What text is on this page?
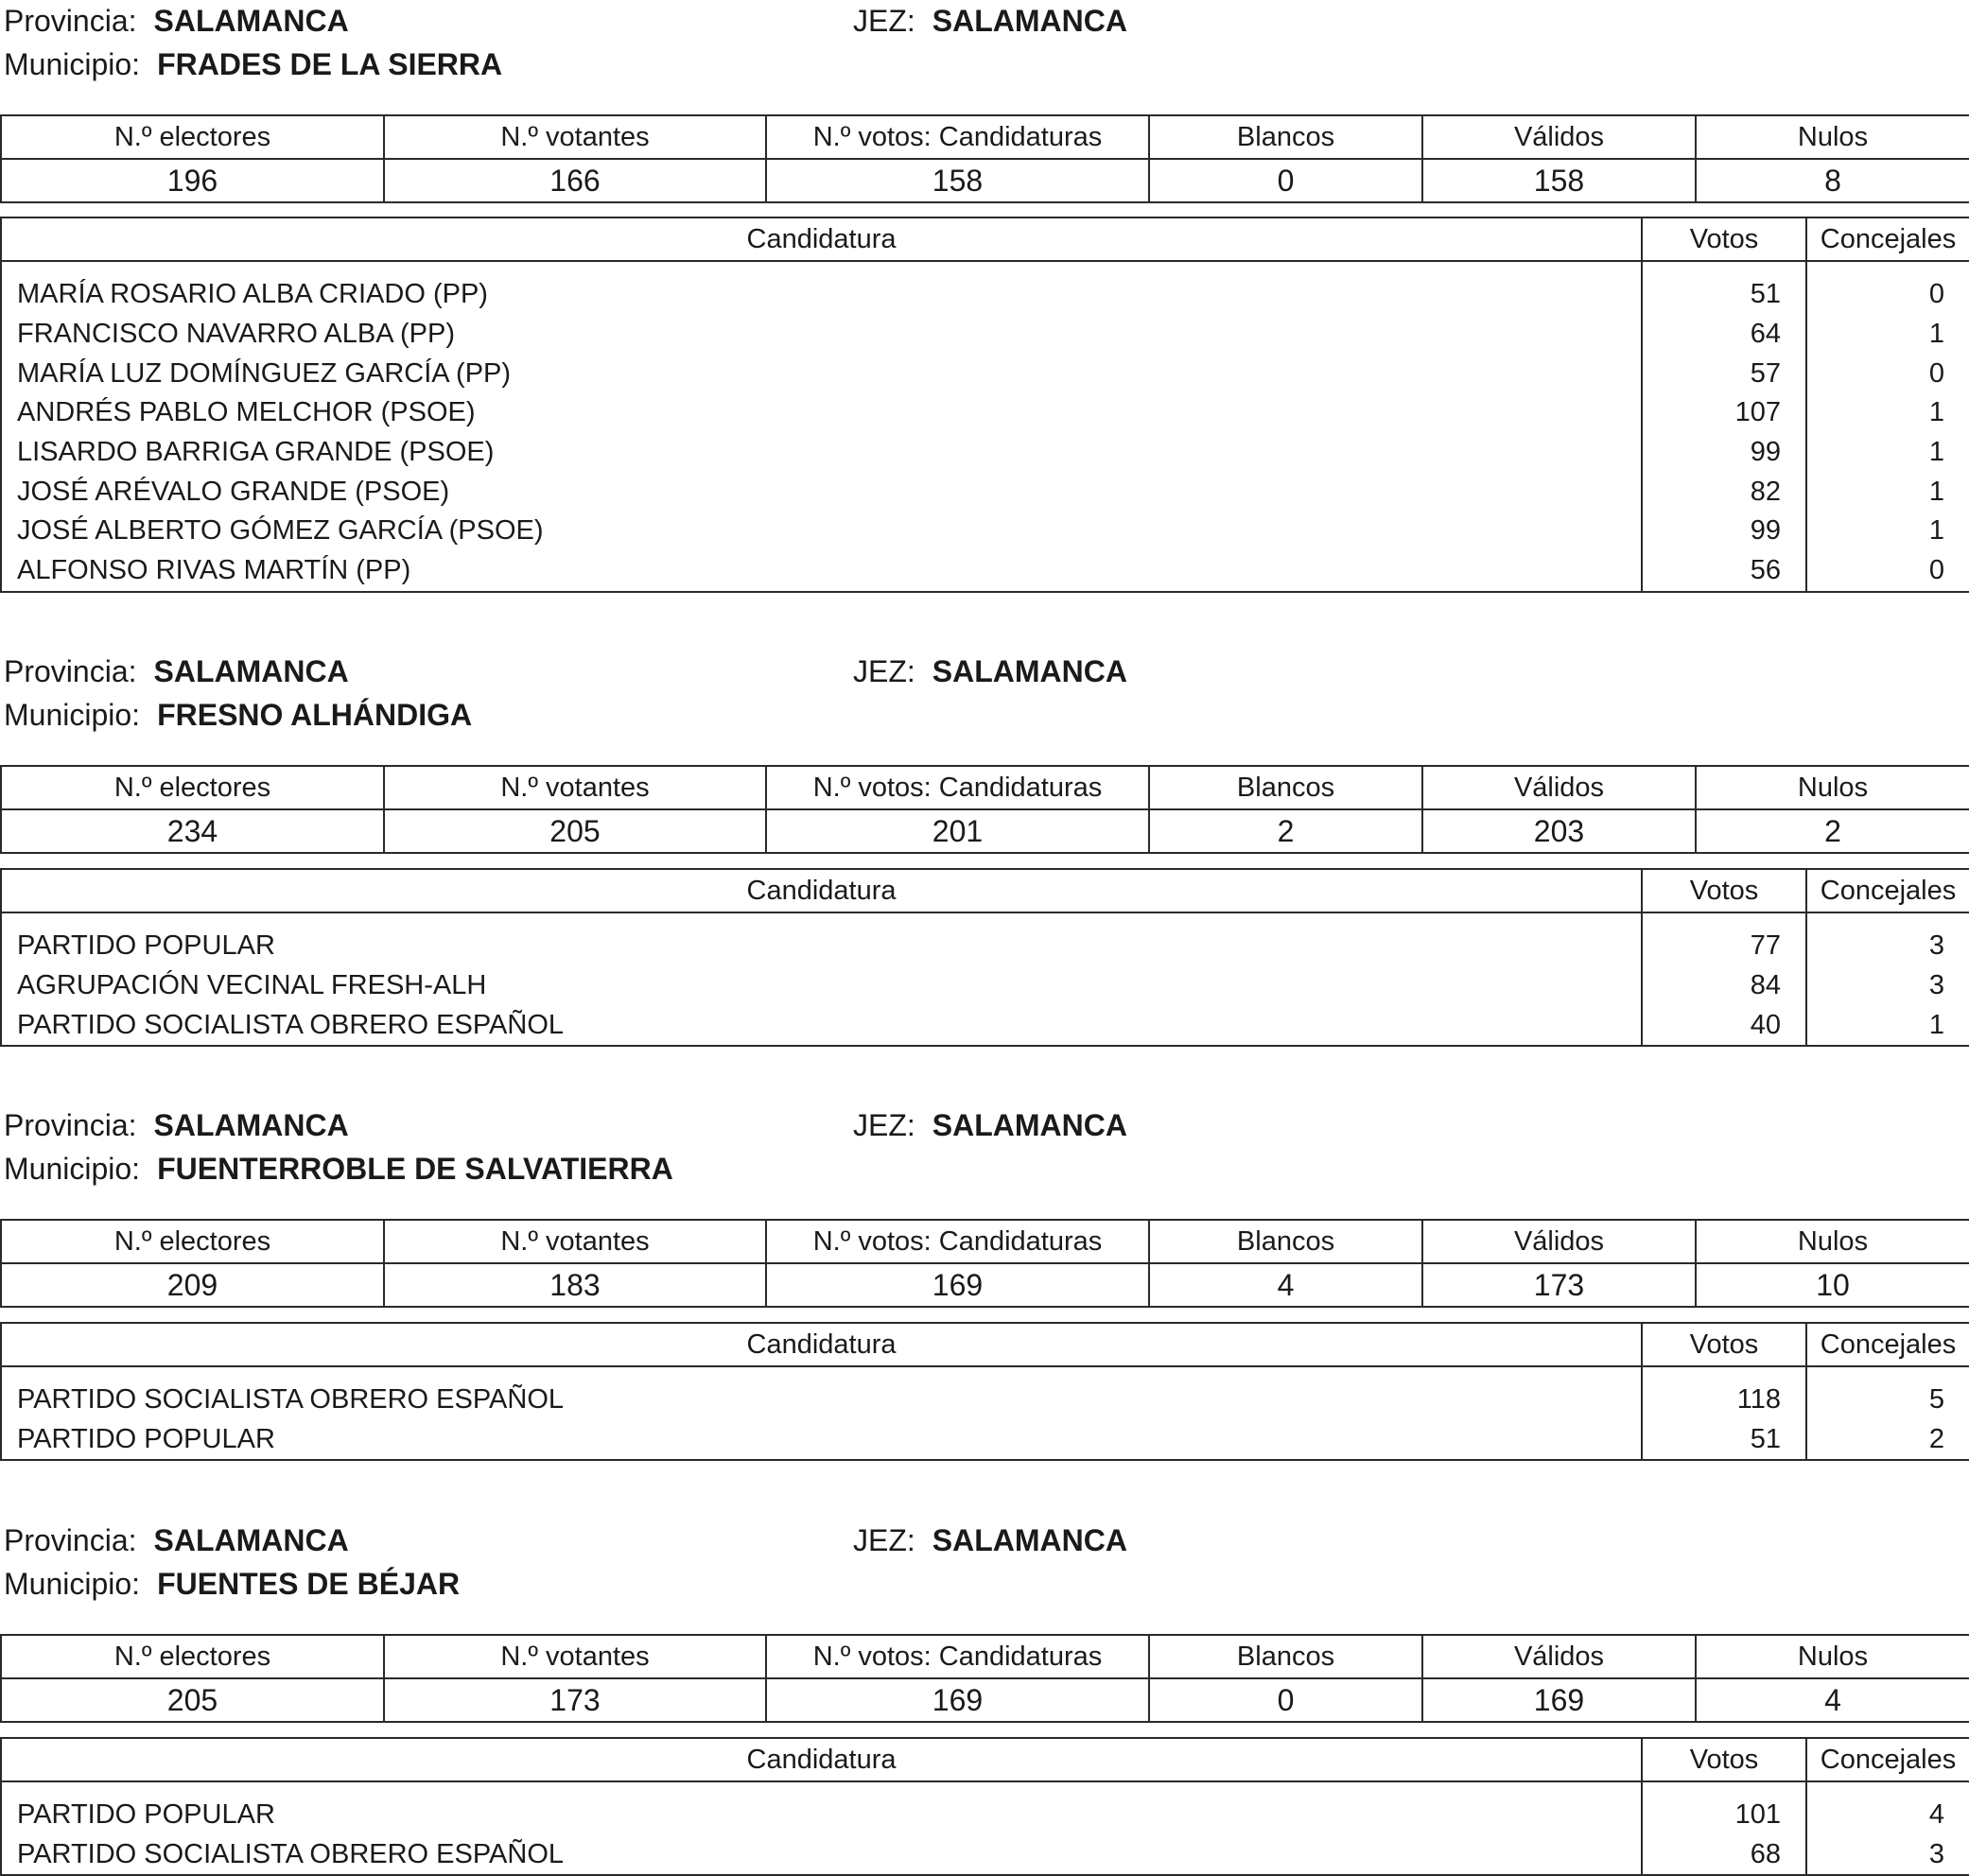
Provincia: SALAMANCA	JEZ: SALAMANCA
Municipio: FRADES DE LA SIERRA
N.º electores	N.º votantes	N.º votos: Candidaturas	Blancos	Válidos	Nulos
196	166	158	0	158	8
Candidatura	Votos	Concejales
MARÍA ROSARIO ALBA CRIADO (PP)	51	0
FRANCISCO NAVARRO ALBA (PP)	64	1
MARÍA LUZ DOMÍNGUEZ GARCÍA (PP)	57	0
ANDRÉS PABLO MELCHOR (PSOE)	107	1
LISARDO BARRIGA GRANDE (PSOE)	99	1
JOSÉ ARÉVALO GRANDE (PSOE)	82	1
JOSÉ ALBERTO GÓMEZ GARCÍA (PSOE)	99	1
ALFONSO RIVAS MARTÍN (PP)	56	0
Provincia: SALAMANCA	JEZ: SALAMANCA
Municipio: FRESNO ALHÁNDIGA
N.º electores	N.º votantes	N.º votos: Candidaturas	Blancos	Válidos	Nulos
234	205	201	2	203	2
Candidatura	Votos	Concejales
PARTIDO POPULAR	77	3
AGRUPACIÓN VECINAL FRESH-ALH	84	3
PARTIDO SOCIALISTA OBRERO ESPAÑOL	40	1
Provincia: SALAMANCA	JEZ: SALAMANCA
Municipio: FUENTERROBLE DE SALVATIERRA
N.º electores	N.º votantes	N.º votos: Candidaturas	Blancos	Válidos	Nulos
209	183	169	4	173	10
Candidatura	Votos	Concejales
PARTIDO SOCIALISTA OBRERO ESPAÑOL	118	5
PARTIDO POPULAR	51	2
Provincia: SALAMANCA	JEZ: SALAMANCA
Municipio: FUENTES DE BÉJAR
N.º electores	N.º votantes	N.º votos: Candidaturas	Blancos	Válidos	Nulos
205	173	169	0	169	4
Candidatura	Votos	Concejales
PARTIDO POPULAR	101	4
PARTIDO SOCIALISTA OBRERO ESPAÑOL	68	3
